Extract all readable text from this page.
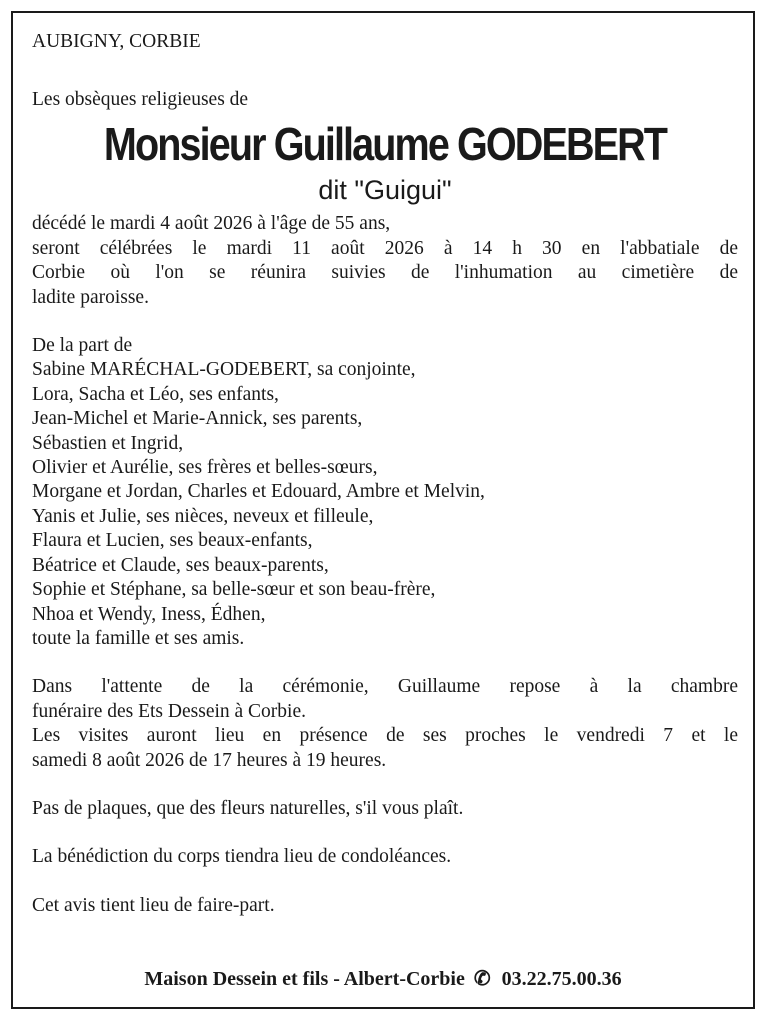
AUBIGNY, CORBIE

Les obsèques religieuses de

Monsieur Guillaume GODEBERT

dit "Guigui"

décédé le mardi 4 août 2026 à l'âge de 55 ans,
seront célébrées le mardi 11 août 2026 à 14 h 30 en l'abbatiale de
Corbie où l'on se réunira suivies de l'inhumation au cimetière de
ladite paroisse.
De la part de
Sabine MARÉCHAL-GODEBERT, sa conjointe,
Lora, Sacha et Léo, ses enfants,
Jean-Michel et Marie-Annick, ses parents,
Sébastien et Ingrid,
Olivier et Aurélie, ses frères et belles-sœurs,
Morgane et Jordan, Charles et Edouard, Ambre et Melvin,
Yanis et Julie, ses nièces, neveux et filleule,
Flaura et Lucien, ses beaux-enfants,
Béatrice et Claude, ses beaux-parents,
Sophie et Stéphane, sa belle-sœur et son beau-frère,
Nhoa et Wendy, Iness, Édhen,
toute la famille et ses amis.
Dans l'attente de la cérémonie, Guillaume repose à la chambre
funéraire des Ets Dessein à Corbie.
Les visites auront lieu en présence de ses proches le vendredi 7 et le
samedi 8 août 2026 de 17 heures à 19 heures.

Pas de plaques, que des fleurs naturelles, s'il vous plaît.

La bénédiction du corps tiendra lieu de condoléances.

Cet avis tient lieu de faire-part.

Maison Dessein et fils - Albert-Corbie ✆ 03.22.75.00.36
